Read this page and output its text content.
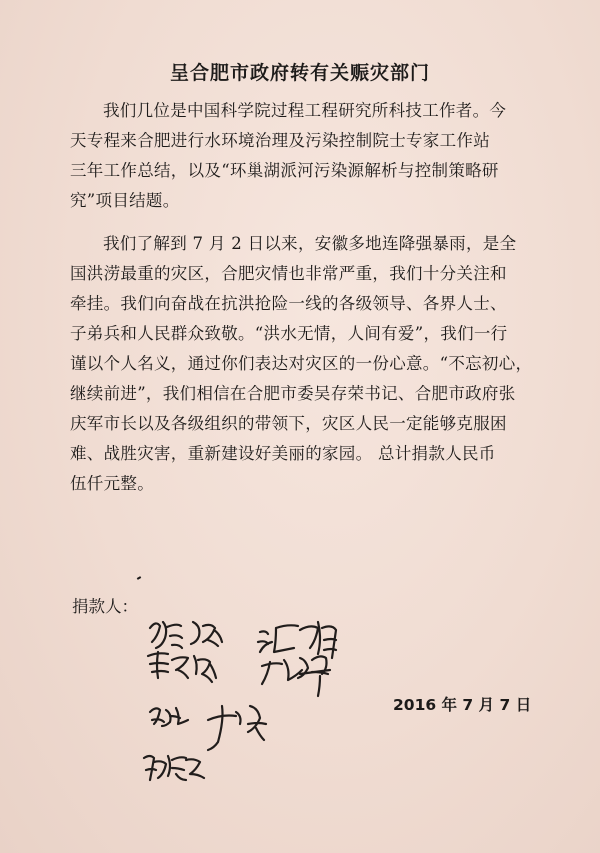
呈合肥市政府转有关赈灾部门
我们几位是中国科学院过程工程研究所科技工作者。今
天专程来合肥进行水环境治理及污染控制院士专家工作站
三年工作总结，以及“环巢湖派河污染源解析与控制策略研
究”项目结题。
我们了解到 7 月 2 日以来，安徽多地连降强暴雨，是全
国洪涝最重的灾区，合肥灾情也非常严重，我们十分关注和
牵挂。我们向奋战在抗洪抢险一线的各级领导、各界人士、
子弟兵和人民群众致敬。“洪水无情，人间有爱”，我们一行
谨以个人名义，通过你们表达对灾区的一份心意。“不忘初心，
继续前进”，我们相信在合肥市委吴存荣书记、合肥市政府张
庆军市长以及各级组织的带领下，灾区人民一定能够克服困
难、战胜灾害，重新建设好美丽的家园。 总计捐款人民币
伍仟元整。
捐款人：
2016 年 7 月 7 日
